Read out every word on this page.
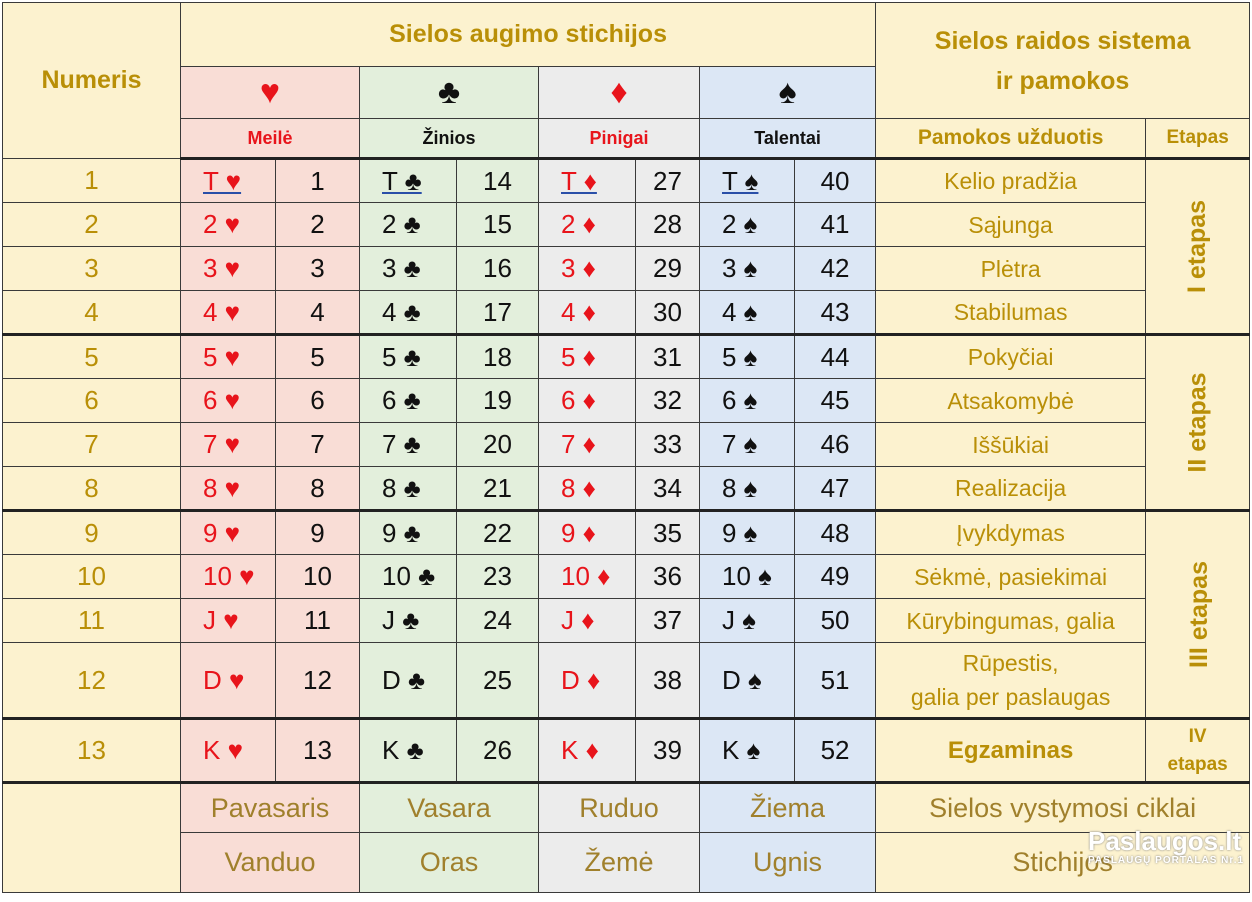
Numeris	Sielos augimo stichijos								Sielos raidos sistema
ir pamokos	
	♥		♣		♦		♠			
	Meilė		Žinios		Pinigai		Talentai		Pamokos užduotis	Etapas
1	T ♥	1	T ♣	14	T ♦	27	T ♠	40	Kelio pradžia	I etapas
2	2 ♥	2	2 ♣	15	2 ♦	28	2 ♠	41	Sąjunga	
3	3 ♥	3	3 ♣	16	3 ♦	29	3 ♠	42	Plėtra	
4	4 ♥	4	4 ♣	17	4 ♦	30	4 ♠	43	Stabilumas	
5	5 ♥	5	5 ♣	18	5 ♦	31	5 ♠	44	Pokyčiai	II etapas
6	6 ♥	6	6 ♣	19	6 ♦	32	6 ♠	45	Atsakomybė	
7	7 ♥	7	7 ♣	20	7 ♦	33	7 ♠	46	Iššūkiai	
8	8 ♥	8	8 ♣	21	8 ♦	34	8 ♠	47	Realizacija	
9	9 ♥	9	9 ♣	22	9 ♦	35	9 ♠	48	Įvykdymas	III etapas
10	10 ♥	10	10 ♣	23	10 ♦	36	10 ♠	49	Sėkmė, pasiekimai	
11	J ♥	11	J ♣	24	J ♦	37	J ♠	50	Kūrybingumas, galia	
12	D ♥	12	D ♣	25	D ♦	38	D ♠	51	Rūpestis,
galia per paslaugas	
13	K ♥	13	K ♣	26	K ♦	39	K ♠	52	Egzaminas	IV
etapas
	Pavasaris		Vasara		Ruduo		Žiema		Sielos vystymosi ciklai	
	Vanduo		Oras		Žemė		Ugnis		Stichijos	
Paslaugos.lt
PASLAUGŲ PORTALAS Nr.1
